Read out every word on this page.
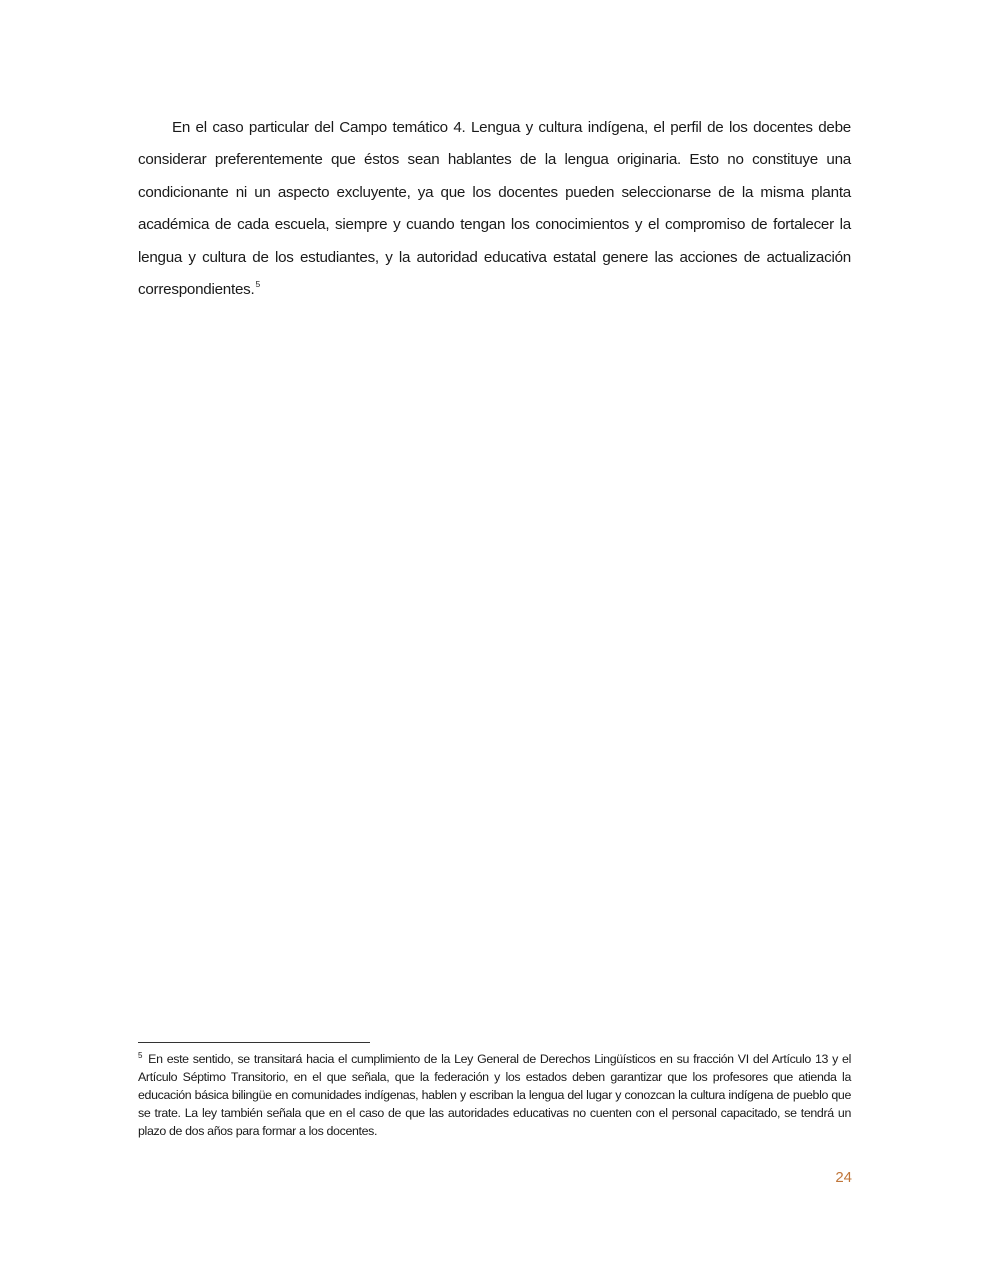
En el caso particular del Campo temático 4. Lengua y cultura indígena, el perfil de los docentes debe considerar preferentemente que éstos sean hablantes de la lengua originaria. Esto no constituye una condicionante ni un aspecto excluyente, ya que los docentes pueden seleccionarse de la misma planta académica de cada escuela, siempre y cuando tengan los conocimientos y el compromiso de fortalecer la lengua y cultura de los estudiantes, y la autoridad educativa estatal genere las acciones de actualización correspondientes.$^5$

$^5$ En este sentido, se transitará hacia el cumplimiento de la Ley General de Derechos Lingüísticos en su fracción VI del Artículo 13 y el Artículo Séptimo Transitorio, en el que señala, que la federación y los estados deben garantizar que los profesores que atienda la educación básica bilingüe en comunidades indígenas, hablen y escriban la lengua del lugar y conozcan la cultura indígena de pueblo que se trate. La ley también señala que en el caso de que las autoridades educativas no cuenten con el personal capacitado, se tendrá un plazo de dos años para formar a los docentes.

24
